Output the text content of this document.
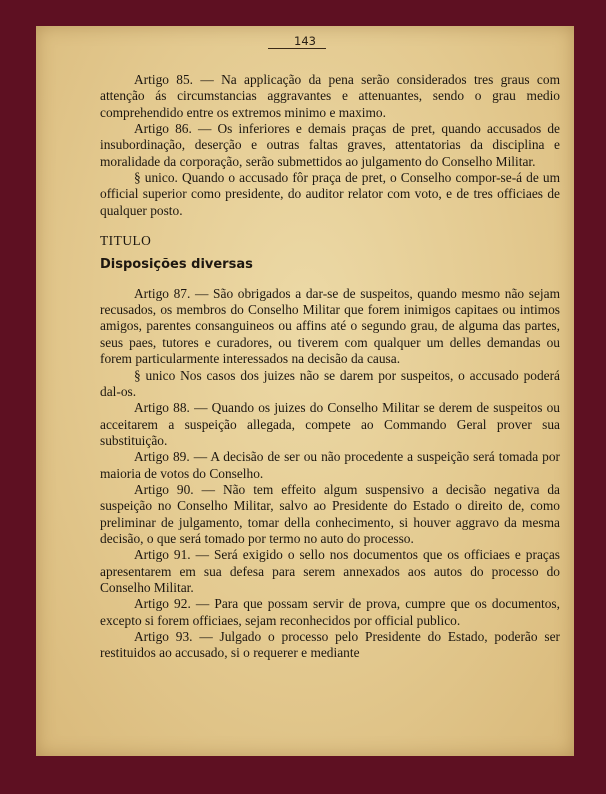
143

Artigo 85. — Na applicação da pena serão considerados tres graus com attenção ás circumstancias aggravantes e attenuantes, sendo o grau medio comprehendido entre os extremos minimo e maximo.

Artigo 86. — Os inferiores e demais praças de pret, quando accusados de insubordinação, deserção e outras faltas graves, attentatorias da disciplina e moralidade da corporação, serão submettidos ao julgamento do Conselho Militar.

§ unico. Quando o accusado fôr praça de pret, o Conselho compor-se-á de um official superior como presidente, do auditor relator com voto, e de tres officiaes de qualquer posto.

TITULO

Disposições diversas

Artigo 87. — São obrigados a dar-se de suspeitos, quando mesmo não sejam recusados, os membros do Conselho Militar que forem inimigos capitaes ou intimos amigos, parentes consanguineos ou affins até o segundo grau, de alguma das partes, seus paes, tutores e curadores, ou tiverem com qualquer um delles demandas ou forem particularmente interessados na decisão da causa.

§ unico Nos casos dos juizes não se darem por suspeitos, o accusado poderá dal-os.

Artigo 88. — Quando os juizes do Conselho Militar se derem de suspeitos ou acceitarem a suspeição allegada, compete ao Commando Geral prover sua substituição.

Artigo 89. — A decisão de ser ou não procedente a suspeição será tomada por maioria de votos do Conselho.

Artigo 90. — Não tem effeito algum suspensivo a decisão negativa da suspeição no Conselho Militar, salvo ao Presidente do Estado o direito de, como preliminar de julgamento, tomar della conhecimento, si houver aggravo da mesma decisão, o que será tomado por termo no auto do processo.

Artigo 91. — Será exigido o sello nos documentos que os officiaes e praças apresentarem em sua defesa para serem annexados aos autos do processo do Conselho Militar.

Artigo 92. — Para que possam servir de prova, cumpre que os documentos, excepto si forem officiaes, sejam reconhecidos por official publico.

Artigo 93. — Julgado o processo pelo Presidente do Estado, poderão ser restituidos ao accusado, si o requerer e mediante
